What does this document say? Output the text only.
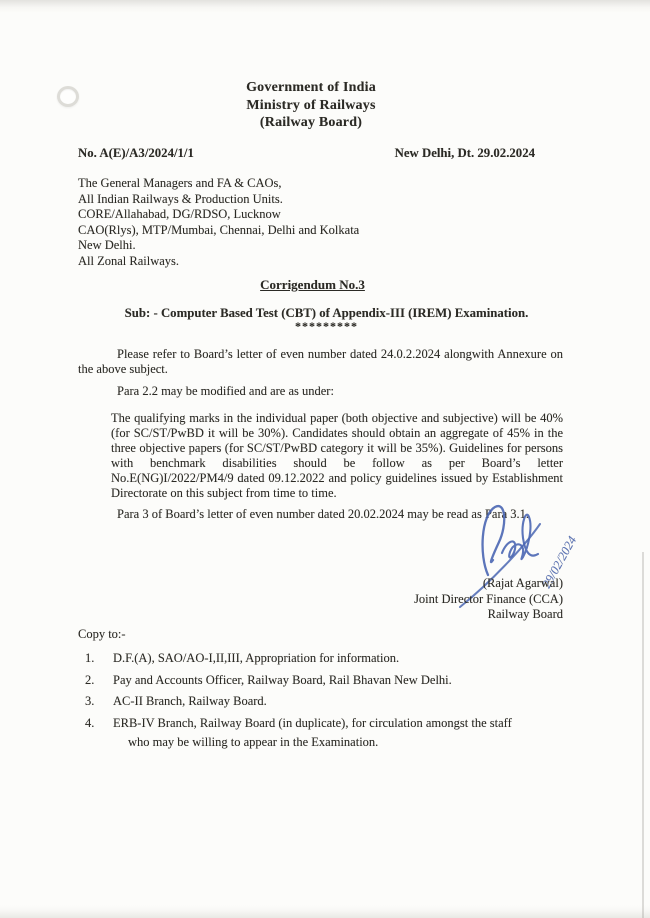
Government of India
Ministry of Railways
(Railway Board)
No. A(E)/A3/2024/1/1	New Delhi, Dt. 29.02.2024
The General Managers and FA & CAOs,
All Indian Railways & Production Units.
CORE/Allahabad, DG/RDSO, Lucknow
CAO(Rlys), MTP/Mumbai, Chennai, Delhi and Kolkata
New Delhi.
All Zonal Railways.
Corrigendum No.3
Sub: - Computer Based Test (CBT) of Appendix-III (IREM) Examination.
*********
Please refer to Board’s letter of even number dated 24.0.2.2024 alongwith Annexure on the above subject.
Para 2.2 may be modified and are as under:
The qualifying marks in the individual paper (both objective and subjective) will be 40% (for SC/ST/PwBD it will be 30%). Candidates should obtain an aggregate of 45% in the three objective papers (for SC/ST/PwBD category it will be 35%). Guidelines for persons with benchmark disabilities should be follow as per Board’s letter No.E(NG)I/2022/PM4/9 dated 09.12.2022 and policy guidelines issued by Establishment Directorate on this subject from time to time.
Para 3 of Board’s letter of even number dated 20.02.2024 may be read as Para 3.1.
29/02/2024
(Rajat Agarwal)
Joint Director Finance (CCA)
Railway Board
Copy to:-
1.	D.F.(A), SAO/AO-I,II,III, Appropriation for information.
2.	Pay and Accounts Officer, Railway Board, Rail Bhavan New Delhi.
3.	AC-II Branch, Railway Board.
4.	ERB-IV Branch, Railway Board (in duplicate), for circulation amongst the staff
who may be willing to appear in the Examination.
